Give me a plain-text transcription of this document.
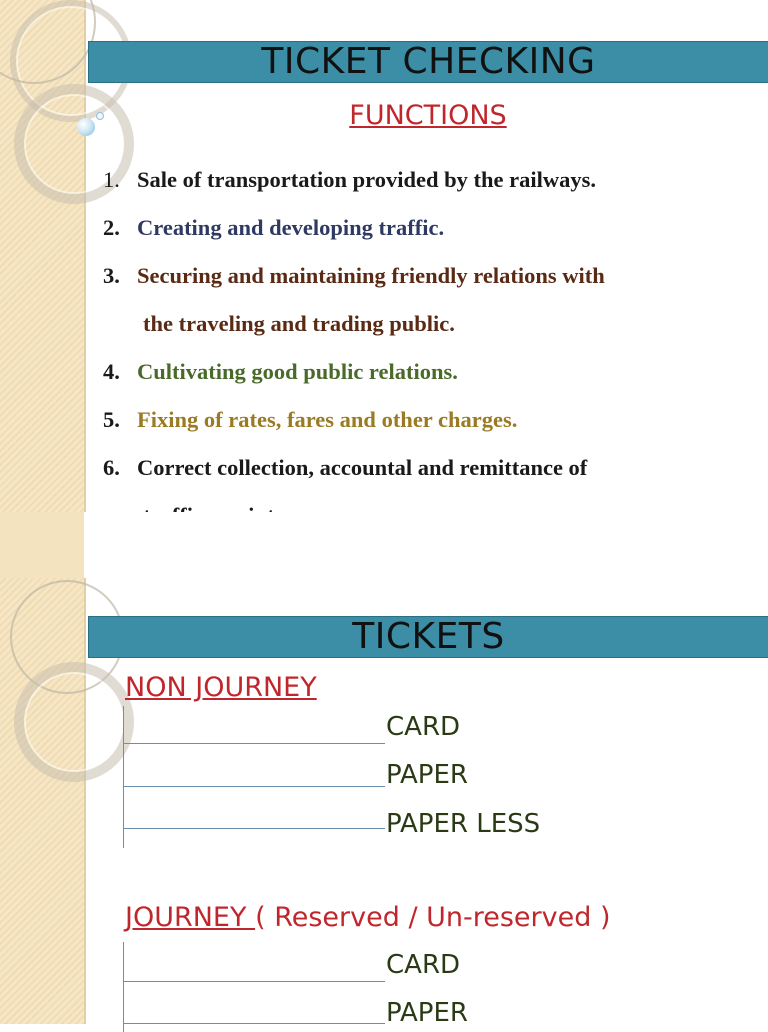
TICKET CHECKING
FUNCTIONS
1. Sale of transportation provided by the railways.
2. Creating and developing traffic.
3. Securing and maintaining friendly relations with
the traveling and trading public.
4. Cultivating good public relations.
5. Fixing of rates, fares and other charges.
6. Correct collection, accountal and remittance of
TICKETS
NON JOURNEY
CARD
PAPER
PAPER LESS
JOURNEY ( Reserved / Un-reserved )
CARD
PAPER
